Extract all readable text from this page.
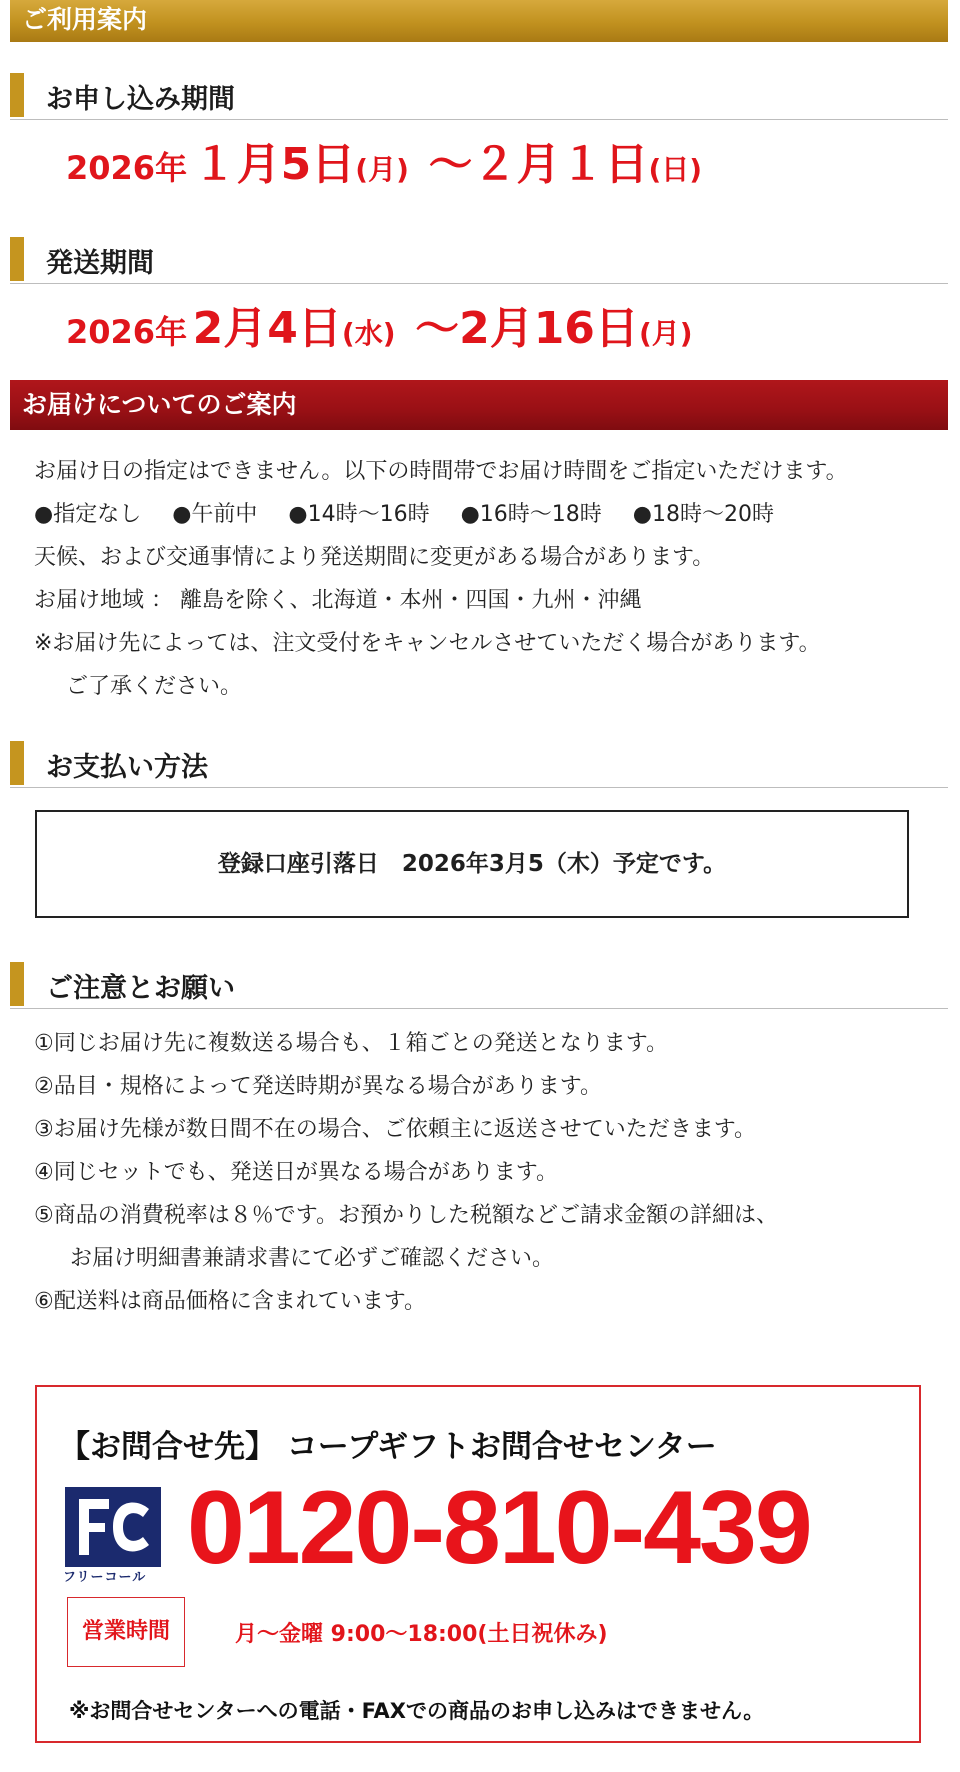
ご利用案内
お申し込み期間
2026年 １月5日(月) 〜２月１日(日)
発送期間
2026年 2月4日(水) 〜2月16日(月)
お届けについてのご案内
お届け日の指定はできません。以下の時間帯でお届け時間をご指定いただけます。
●指定なし ●午前中 ●14時〜16時 ●16時〜18時 ●18時〜20時
天候、および交通事情により発送期間に変更がある場合があります。
お届け地域 ： 離島を除く、北海道・本州・四国・九州・沖縄
※お届け先によっては、注文受付をキャンセルさせていただく場合があります。
ご了承ください。
お支払い方法
登録口座引落日　2026年3月5（木）予定です。
ご注意とお願い
①同じお届け先に複数送る場合も、１箱ごとの発送となります。
②品目・規格によって発送時期が異なる場合があります。
③お届け先様が数日間不在の場合、ご依頼主に返送させていただきます。
④同じセットでも、発送日が異なる場合があります。
⑤商品の消費税率は８％です。お預かりした税額などご請求金額の詳細は、
お届け明細書兼請求書にて必ずご確認ください。
⑥配送料は商品価格に含まれています。
【お問合せ先】 コープギフトお問合せセンター
フリーコール 0120-810-439
営業時間	月〜金曜 9:00〜18:00(土日祝休み)
※お問合せセンターへの電話・FAXでの商品のお申し込みはできません。
